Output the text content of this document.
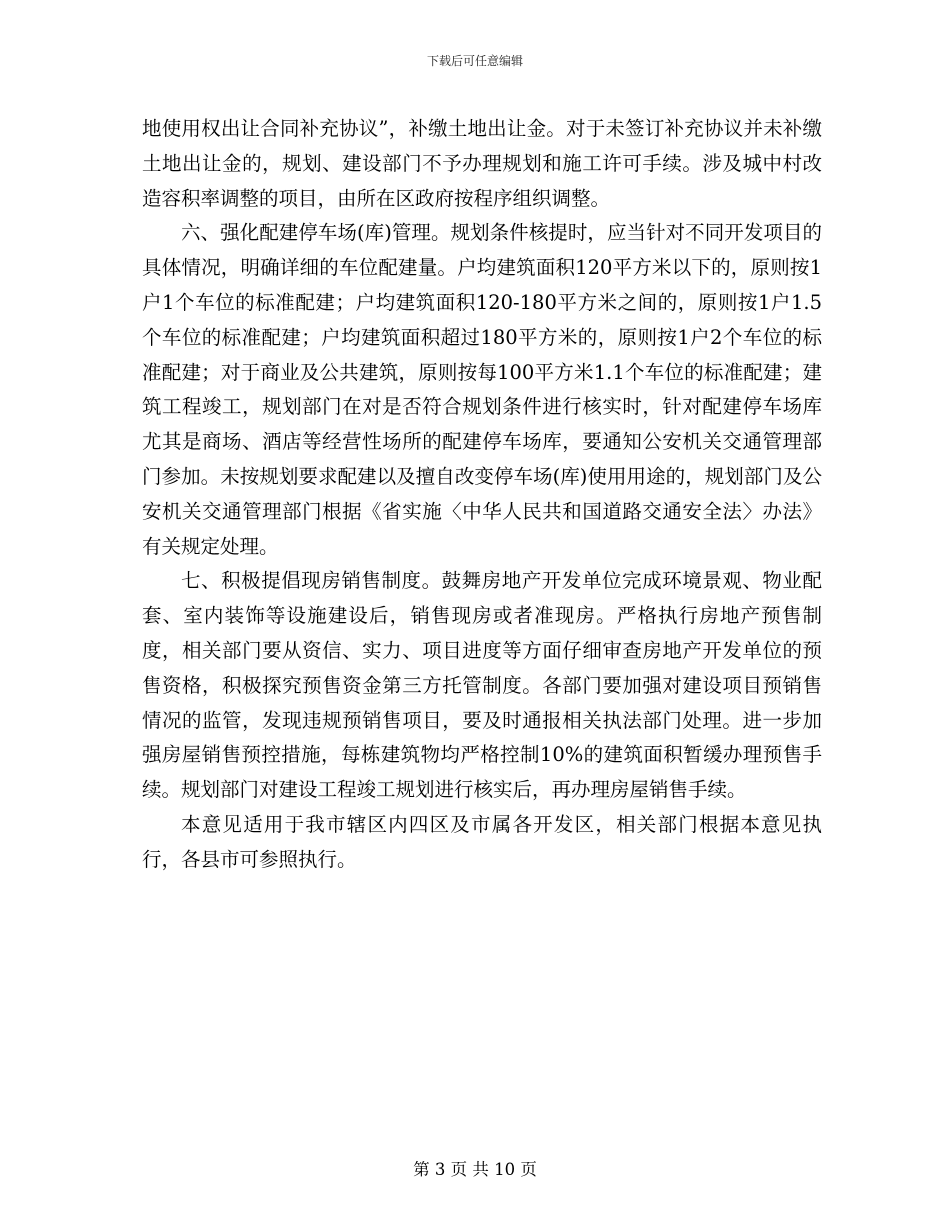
下载后可任意编辑

地使用权出让合同补充协议”，补缴土地出让金。对于未签订补充协议并未补缴土地出让金的，规划、建设部门不予办理规划和施工许可手续。涉及城中村改造容积率调整的项目，由所在区政府按程序组织调整。

六、强化配建停车场(库)管理。规划条件核提时，应当针对不同开发项目的具体情况，明确详细的车位配建量。户均建筑面积120平方米以下的，原则按1户1个车位的标准配建；户均建筑面积120-180平方米之间的，原则按1户1.5个车位的标准配建；户均建筑面积超过180平方米的，原则按1户2个车位的标准配建；对于商业及公共建筑，原则按每100平方米1.1个车位的标准配建；建筑工程竣工，规划部门在对是否符合规划条件进行核实时，针对配建停车场库尤其是商场、酒店等经营性场所的配建停车场库，要通知公安机关交通管理部门参加。未按规划要求配建以及擅自改变停车场(库)使用用途的，规划部门及公安机关交通管理部门根据《省实施〈中华人民共和国道路交通安全法〉办法》有关规定处理。

七、积极提倡现房销售制度。鼓舞房地产开发单位完成环境景观、物业配套、室内装饰等设施建设后，销售现房或者准现房。严格执行房地产预售制度，相关部门要从资信、实力、项目进度等方面仔细审查房地产开发单位的预售资格，积极探究预售资金第三方托管制度。各部门要加强对建设项目预销售情况的监管，发现违规预销售项目，要及时通报相关执法部门处理。进一步加强房屋销售预控措施，每栋建筑物均严格控制10%的建筑面积暂缓办理预售手续。规划部门对建设工程竣工规划进行核实后，再办理房屋销售手续。

本意见适用于我市辖区内四区及市属各开发区，相关部门根据本意见执行，各县市可参照执行。

第 3 页 共 10 页
